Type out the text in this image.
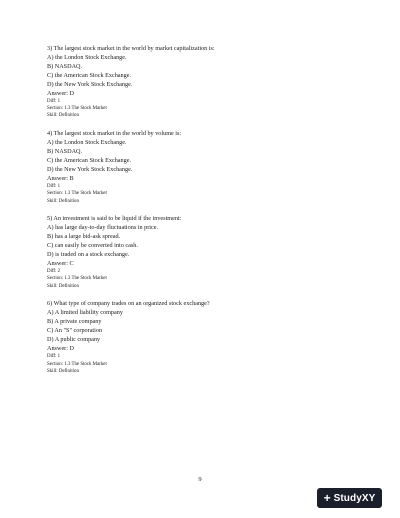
3) The largest stock market in the world by market capitalization is:
A) the London Stock Exchange.
B) NASDAQ.
C) the American Stock Exchange.
D) the New York Stock Exchange.
Answer: D
Diff: 1
Section: 1.3 The Stock Market
Skill: Definition
4) The largest stock market in the world by volume is:
A) the London Stock Exchange.
B) NASDAQ.
C) the American Stock Exchange.
D) the New York Stock Exchange.
Answer: B
Diff: 1
Section: 1.3 The Stock Market
Skill: Definition
5) An investment is said to be liquid if the investment:
A) has large day-to-day fluctuations in price.
B) has a large bid-ask spread.
C) can easily be converted into cash.
D) is traded on a stock exchange.
Answer: C
Diff: 2
Section: 1.3 The Stock Market
Skill: Definition
6) What type of company trades on an organized stock exchange?
A) A limited liability company
B) A private company
C) An "S" corporation
D) A public company
Answer: D
Diff: 1
Section: 1.3 The Stock Market
Skill: Definition
9
+ StudyXY
